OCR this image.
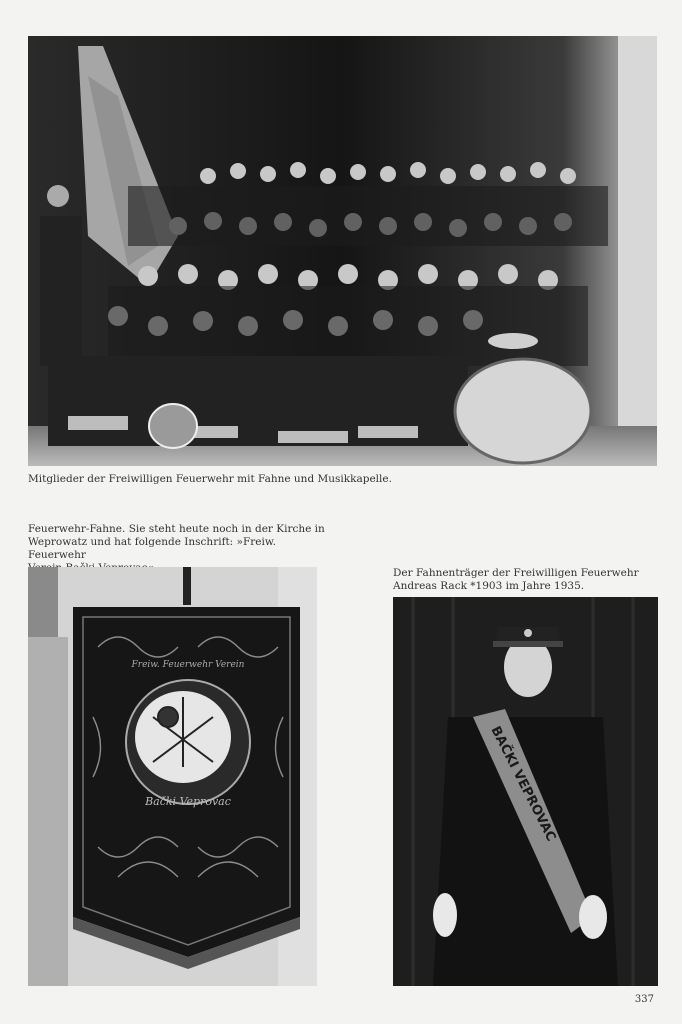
Mitglieder der Freiwilligen Feuerwehr mit Fahne und Musikkapelle.
Feuerwehr-Fahne. Sie steht heute noch in der Kirche in
Weprowatz und hat folgende Inschrift: »Freiw. Feuerwehr
Bački Veprovac
Freiw. Feuerwehr Verein
Der Fahnenträger der Freiwilligen Feuerwehr
Andreas Rack *1903 im Jahre 1935.
BAČKI VEPROVAC
337
